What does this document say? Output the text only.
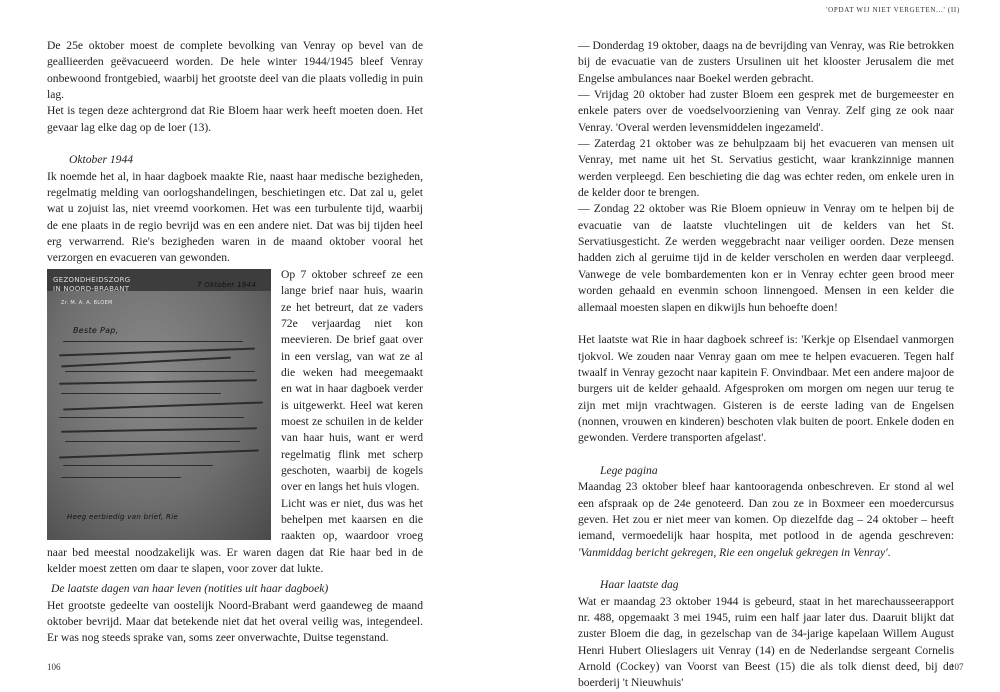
'OPDAT WIJ NIET VERGETEN...' (II)

De 25e oktober moest de complete bevolking van Venray op bevel van de geallieerden geëvacueerd worden. De hele winter 1944/1945 bleef Venray onbewoond frontgebied, waarbij het grootste deel van die plaats volledig in puin lag.

Het is tegen deze achtergrond dat Rie Bloem haar werk heeft moeten doen. Het gevaar lag elke dag op de loer (13).

Oktober 1944

Ik noemde het al, in haar dagboek maakte Rie, naast haar medische bezigheden, regelmatig melding van oorlogshandelingen, beschietingen etc. Dat zal u, gelet wat u zojuist las, niet vreemd voorkomen. Het was een turbulente tijd, waarbij de ene plaats in de regio bevrijd was en een andere niet. Dat was bij tijden heel erg verwarrend. Rie's bezigheden waren in de maand oktober vooral het verzorgen en evacueren van gewonden.

Zr. M. A. A. BLOEM
7 Oktober 1944
Beste Pap,
Heeg eerbiedig van brief, Rie

Op 7 oktober schreef ze een lange brief naar huis, waarin ze het betreurt, dat ze vaders 72e verjaardag niet kon meevieren. De brief gaat over in een verslag, van wat ze al die weken had meegemaakt en wat in haar dagboek verder is uitgewerkt. Heel wat keren moest ze schuilen in de kelder van haar huis, want er werd regelmatig flink met scherp geschoten, waarbij de kogels over en langs het huis vlogen.

Licht was er niet, dus was het behelpen met kaarsen en die raakten op, waardoor vroeg naar bed meestal noodzakelijk was. Er waren dagen dat Rie haar bed in de kelder moest zetten om daar te slapen, voor zover dat lukte.

De laatste dagen van haar leven (notities uit haar dagboek)

Het grootste gedeelte van oostelijk Noord-Brabant werd gaandeweg de maand oktober bevrijd. Maar dat betekende niet dat het overal veilig was, integendeel. Er was nog steeds sprake van, soms zeer onverwachte, Duitse tegenstand.

106

— Donderdag 19 oktober, daags na de bevrijding van Venray, was Rie betrokken bij de evacuatie van de zusters Ursulinen uit het klooster Jerusalem die met Engelse ambulances naar Boekel werden gebracht.

— Vrijdag 20 oktober had zuster Bloem een gesprek met de burgemeester en enkele paters over de voedselvoorziening van Venray. Zelf ging ze ook naar Venray. 'Overal werden levensmiddelen ingezameld'.

— Zaterdag 21 oktober was ze behulpzaam bij het evacueren van mensen uit Venray, met name uit het St. Servatius gesticht, waar krankzinnige mannen werden verpleegd. Een beschieting die dag was echter reden, om enkele uren in de kelder door te brengen.

— Zondag 22 oktober was Rie Bloem opnieuw in Venray om te helpen bij de evacuatie van de laatste vluchtelingen uit de kelders van het St. Servatiusgesticht. Ze werden weggebracht naar veiliger oorden. Deze mensen hadden zich al geruime tijd in de kelder verscholen en werden daar verpleegd. Vanwege de vele bombardementen kon er in Venray echter geen brood meer worden gehaald en evenmin schoon linnengoed. Mensen in een kelder die allemaal moesten slapen en dikwijls hun behoefte doen!

Het laatste wat Rie in haar dagboek schreef is: 'Kerkje op Elsendael vanmorgen tjokvol. We zouden naar Venray gaan om mee te helpen evacueren. Tegen half twaalf in Venray gezocht naar kapitein F. Onvindbaar. Met een andere majoor de burgers uit de kelder gehaald. Afgesproken om morgen om negen uur terug te zijn met mijn vrachtwagen. Gisteren is de eerste lading van de Engelsen (nonnen, vrouwen en kinderen) beschoten vlak buiten de poort. Enkele doden en gewonden. Verdere transporten afgelast'.

Lege pagina

Maandag 23 oktober bleef haar kantooragenda onbeschreven. Er stond al wel een afspraak op de 24e genoteerd. Dan zou ze in Boxmeer een moedercursus geven. Het zou er niet meer van komen. Op diezelfde dag – 24 oktober – heeft iemand, vermoedelijk haar hospita, met potlood in de agenda geschreven: 'Vanmiddag bericht gekregen, Rie een ongeluk gekregen in Venray'.

Haar laatste dag

Wat er maandag 23 oktober 1944 is gebeurd, staat in het marechausseerapport nr. 488, opgemaakt 3 mei 1945, ruim een half jaar later dus. Daaruit blijkt dat zuster Bloem die dag, in gezelschap van de 34-jarige kapelaan Willem August Henri Hubert Olieslagers uit Venray (14) en de Nederlandse sergeant Cornelis Arnold (Cockey) van Voorst van Beest (15) die als tolk dienst deed, bij de boerderij 't Nieuwhuis'

107
